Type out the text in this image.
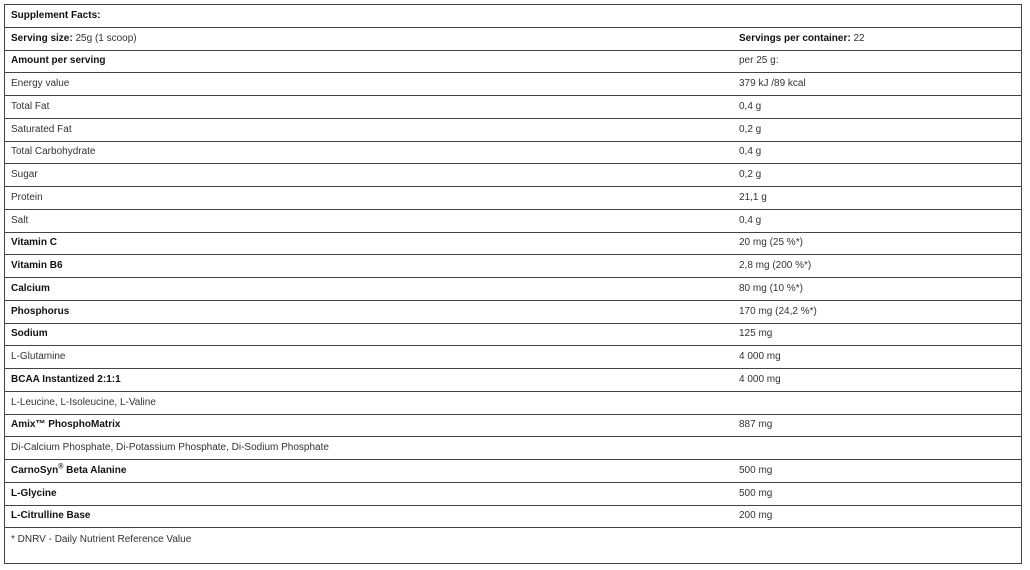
Supplement Facts:
Serving size: 25g (1 scoop)	Servings per container: 22
Amount per serving	per 25 g:
Energy value	379 kJ /89 kcal
Total Fat	0,4 g
Saturated Fat	0,2 g
Total Carbohydrate	0,4 g
Sugar	0,2 g
Protein	21,1 g
Salt	0,4 g
Vitamin C	20 mg (25 %*)
Vitamin B6	2,8 mg (200 %*)
Calcium	80 mg (10 %*)
Phosphorus	170 mg (24,2 %*)
Sodium	125 mg
L-Glutamine	4 000 mg
BCAA Instantized 2:1:1	4 000 mg
L-Leucine, L-Isoleucine, L-Valine
Amix™ PhosphoMatrix	887 mg
Di-Calcium Phosphate, Di-Potassium Phosphate, Di-Sodium Phosphate
CarnoSyn® Beta Alanine	500 mg
L-Glycine	500 mg
L-Citrulline Base	200 mg
* DNRV - Daily Nutrient Reference Value
